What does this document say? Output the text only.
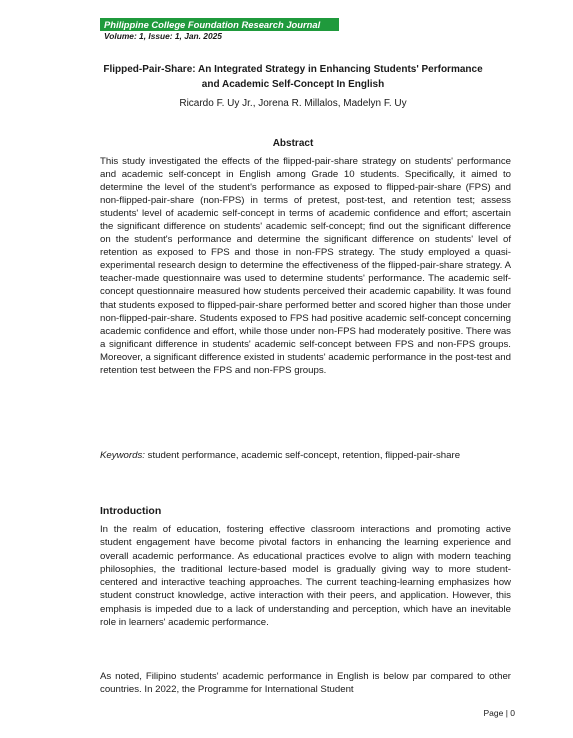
Philippine College Foundation Research Journal
Volume: 1, Issue: 1, Jan. 2025
Flipped-Pair-Share: An Integrated Strategy in Enhancing Students' Performance and Academic Self-Concept In English
Ricardo F. Uy Jr., Jorena R. Millalos, Madelyn F. Uy
Abstract

This study investigated the effects of the flipped-pair-share strategy on students' performance and academic self-concept in English among Grade 10 students. Specifically, it aimed to determine the level of the student's performance as exposed to flipped-pair-share (FPS) and non-flipped-pair-share (non-FPS) in terms of pretest, post-test, and retention test; assess students' level of academic self-concept in terms of academic confidence and effort; ascertain the significant difference on students' academic self-concept; find out the significant difference on the student's performance and determine the significant difference on students' level of retention as exposed to FPS and those in non-FPS strategy. The study employed a quasi-experimental research design to determine the effectiveness of the flipped-pair-share strategy. A teacher-made questionnaire was used to determine students' performance. The academic self-concept questionnaire measured how students perceived their academic capability. It was found that students exposed to flipped-pair-share performed better and scored higher than those under non-flipped-pair-share. Students exposed to FPS had positive academic self-concept concerning academic confidence and effort, while those under non-FPS had moderately positive. There was a significant difference in students' academic self-concept between FPS and non-FPS groups. Moreover, a significant difference existed in students' academic performance in the post-test and retention test between the FPS and non-FPS groups.

Keywords: student performance, academic self-concept, retention, flipped-pair-share

Introduction

In the realm of education, fostering effective classroom interactions and promoting active student engagement have become pivotal factors in enhancing the learning experience and overall academic performance. As educational practices evolve to align with modern teaching philosophies, the traditional lecture-based model is gradually giving way to more student-centered and interactive teaching approaches. The current teaching-learning emphasizes how student construct knowledge, active interaction with their peers, and application. However, this emphasis is impeded due to a lack of understanding and perception, which have an inevitable role in learners' academic performance.

As noted, Filipino students' academic performance in English is below par compared to other countries. In 2022, the Programme for International Student

Page | 0
